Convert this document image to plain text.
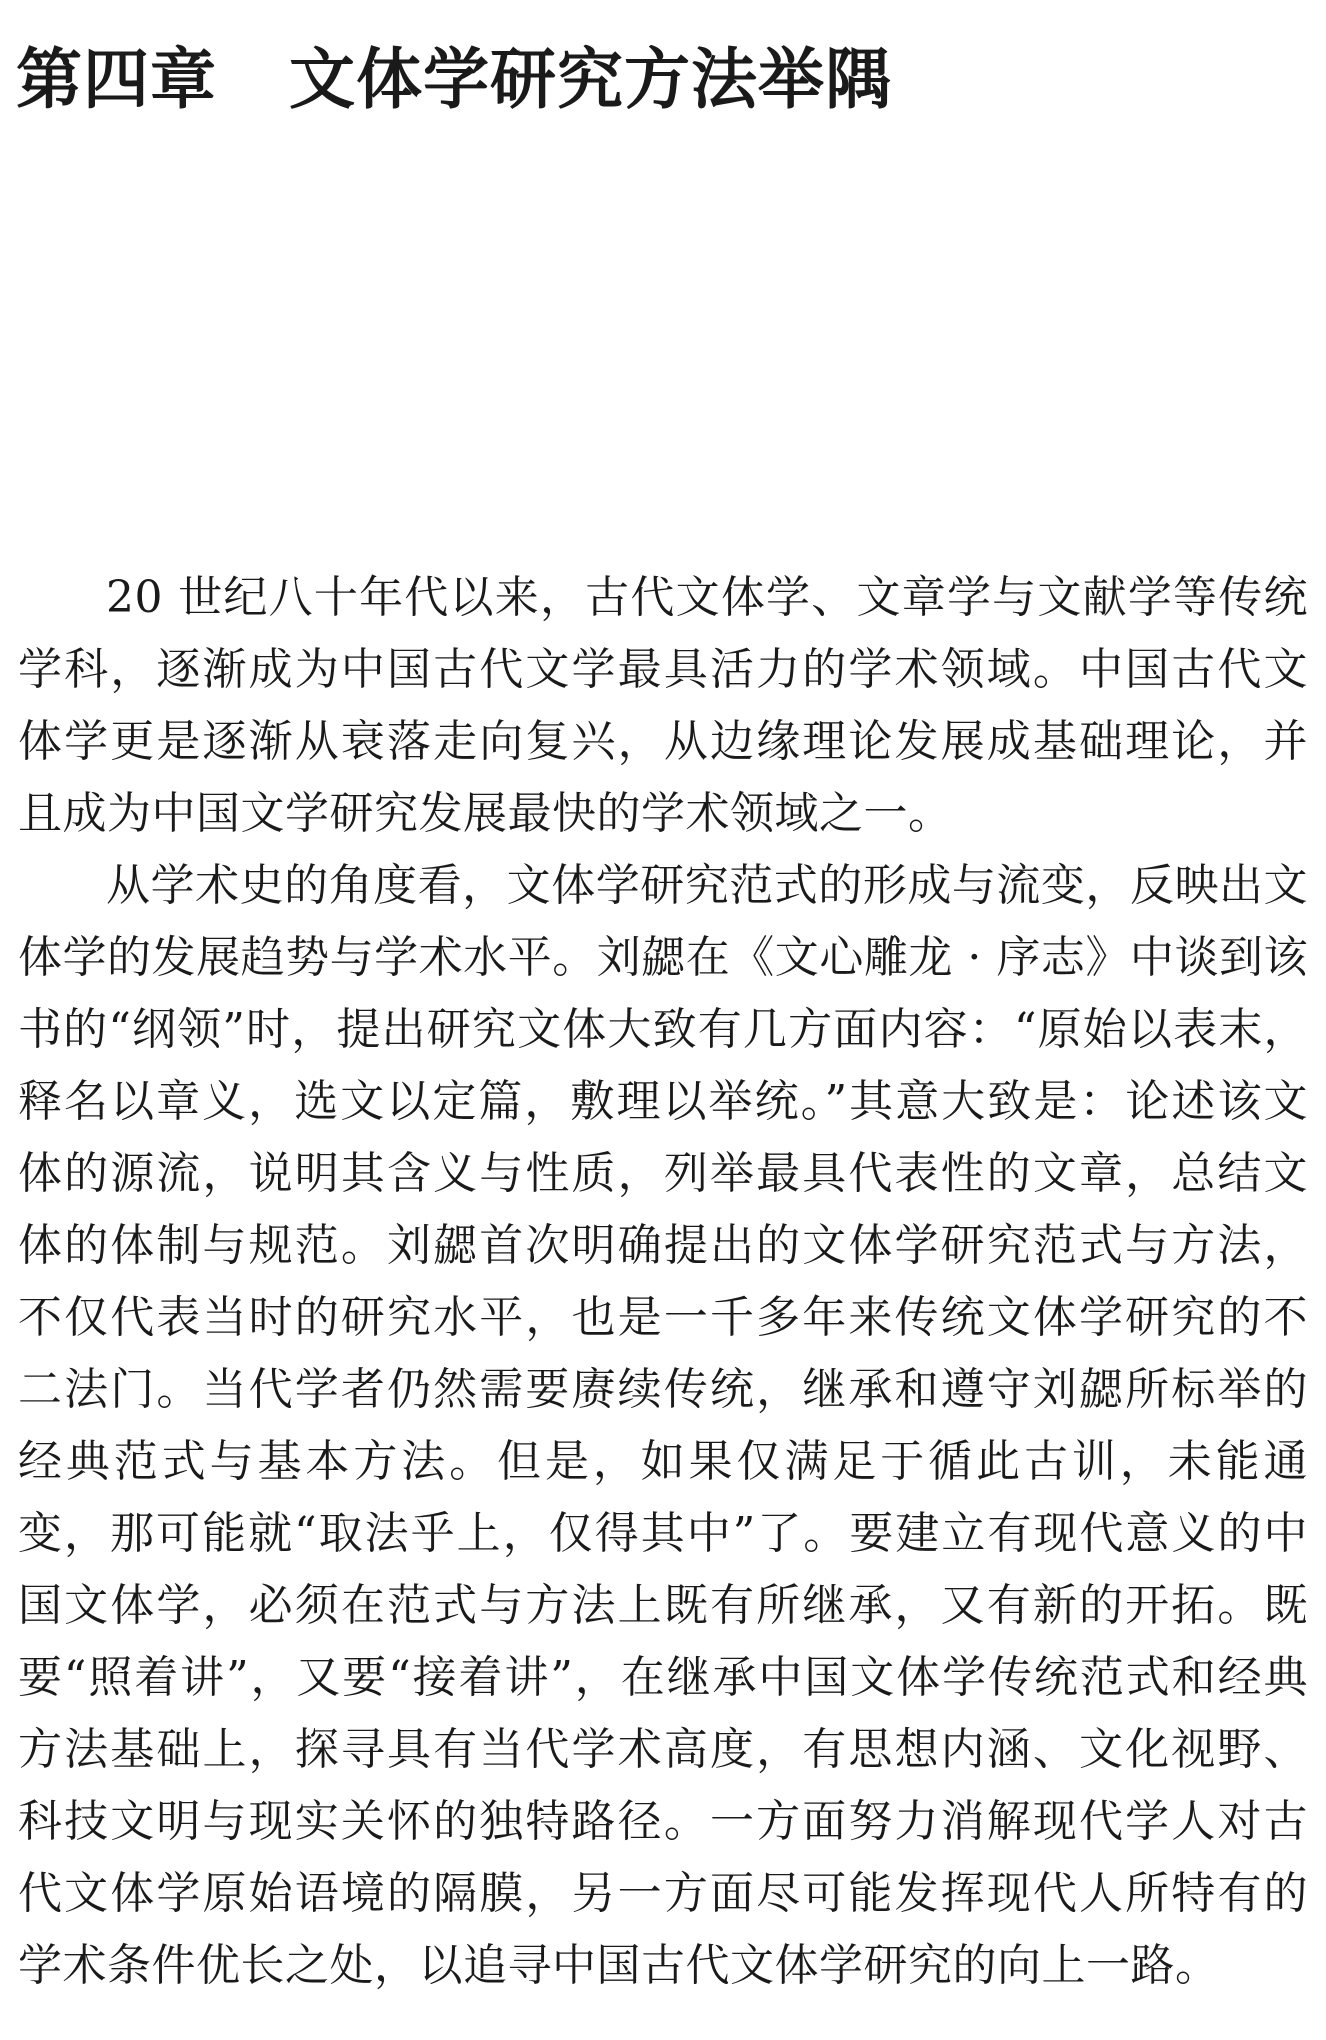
第四章 文体学研究方法举隅

20 世纪八十年代以来，古代文体学、文章学与文献学等传统学科，逐渐成为中国古代文学最具活力的学术领域。中国古代文体学更是逐渐从衰落走向复兴，从边缘理论发展成基础理论，并且成为中国文学研究发展最快的学术领域之一。

从学术史的角度看，文体学研究范式的形成与流变，反映出文体学的发展趋势与学术水平。刘勰在《文心雕龙 · 序志》中谈到该书的“纲领”时，提出研究文体大致有几方面内容：“原始以表末，释名以章义，选文以定篇，敷理以举统。”其意大致是：论述该文体的源流，说明其含义与性质，列举最具代表性的文章，总结文体的体制与规范。刘勰首次明确提出的文体学研究范式与方法，不仅代表当时的研究水平，也是一千多年来传统文体学研究的不二法门。当代学者仍然需要赓续传统，继承和遵守刘勰所标举的经典范式与基本方法。但是，如果仅满足于循此古训，未能通变，那可能就“取法乎上，仅得其中”了。要建立有现代意义的中国文体学，必须在范式与方法上既有所继承，又有新的开拓。既要“照着讲”，又要“接着讲”，在继承中国文体学传统范式和经典方法基础上，探寻具有当代学术高度，有思想内涵、文化视野、科技文明与现实关怀的独特路径。一方面努力消解现代学人对古代文体学原始语境的隔膜，另一方面尽可能发挥现代人所特有的学术条件优长之处，以追寻中国古代文体学研究的向上一路。
